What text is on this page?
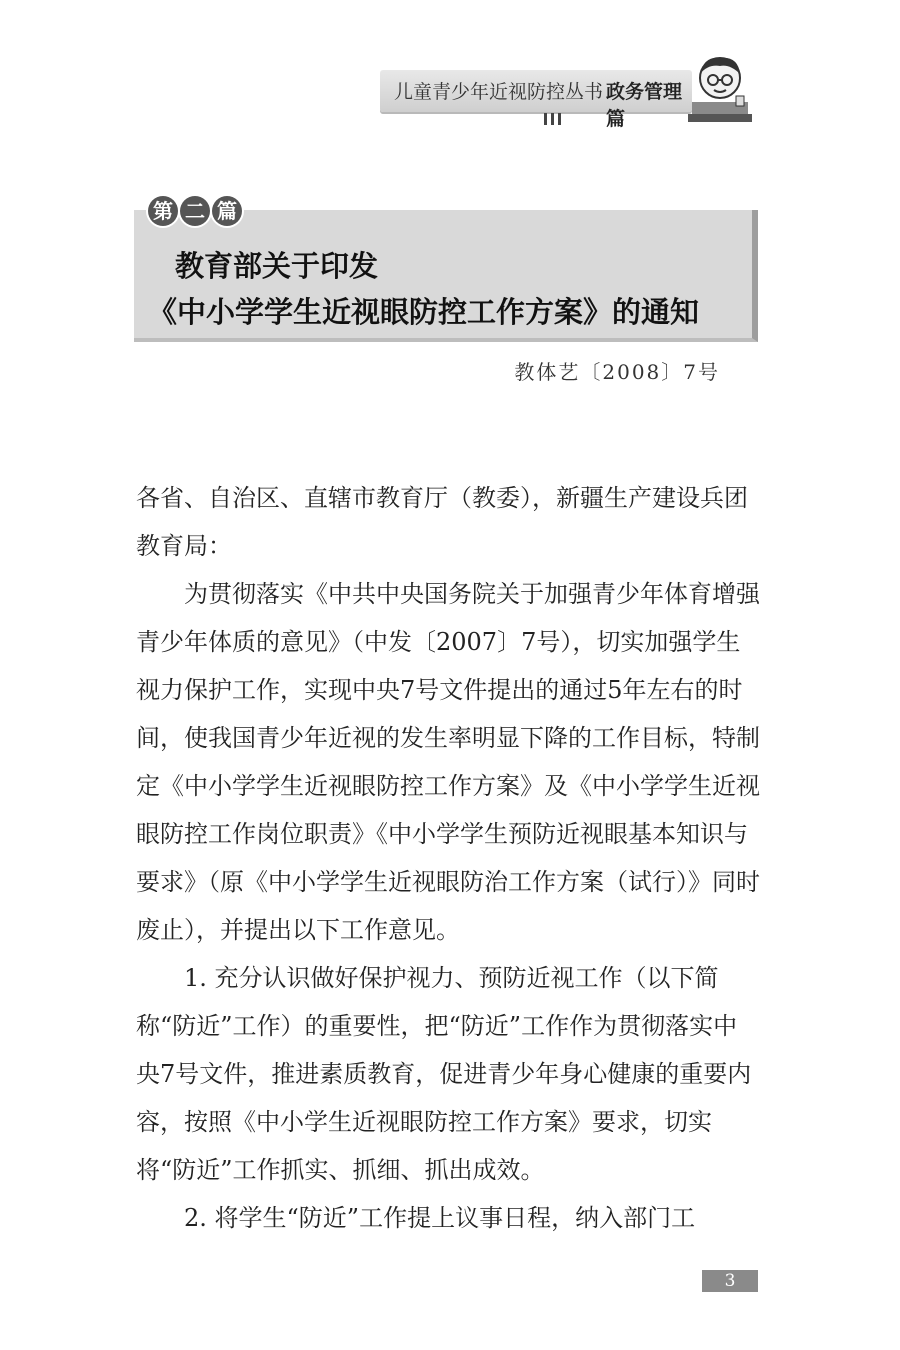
儿童青少年近视防控丛书 政务管理篇
第 二 篇
教育部关于印发
《中小学学生近视眼防控工作方案》的通知
教体艺〔2008〕7号

各省、自治区、直辖市教育厅（教委），新疆生产建设兵团教育局：

为贯彻落实《中共中央国务院关于加强青少年体育增强青少年体质的意见》（中发〔2007〕7号），切实加强学生视力保护工作，实现中央7号文件提出的通过5年左右的时间，使我国青少年近视的发生率明显下降的工作目标，特制定《中小学学生近视眼防控工作方案》及《中小学学生近视眼防控工作岗位职责》《中小学学生预防近视眼基本知识与要求》（原《中小学学生近视眼防治工作方案（试行）》同时废止），并提出以下工作意见。

1. 充分认识做好保护视力、预防近视工作（以下简称“防近”工作）的重要性，把“防近”工作作为贯彻落实中央7号文件，推进素质教育，促进青少年身心健康的重要内容，按照《中小学生近视眼防控工作方案》要求，切实将“防近”工作抓实、抓细、抓出成效。

2. 将学生“防近”工作提上议事日程，纳入部门工

3
